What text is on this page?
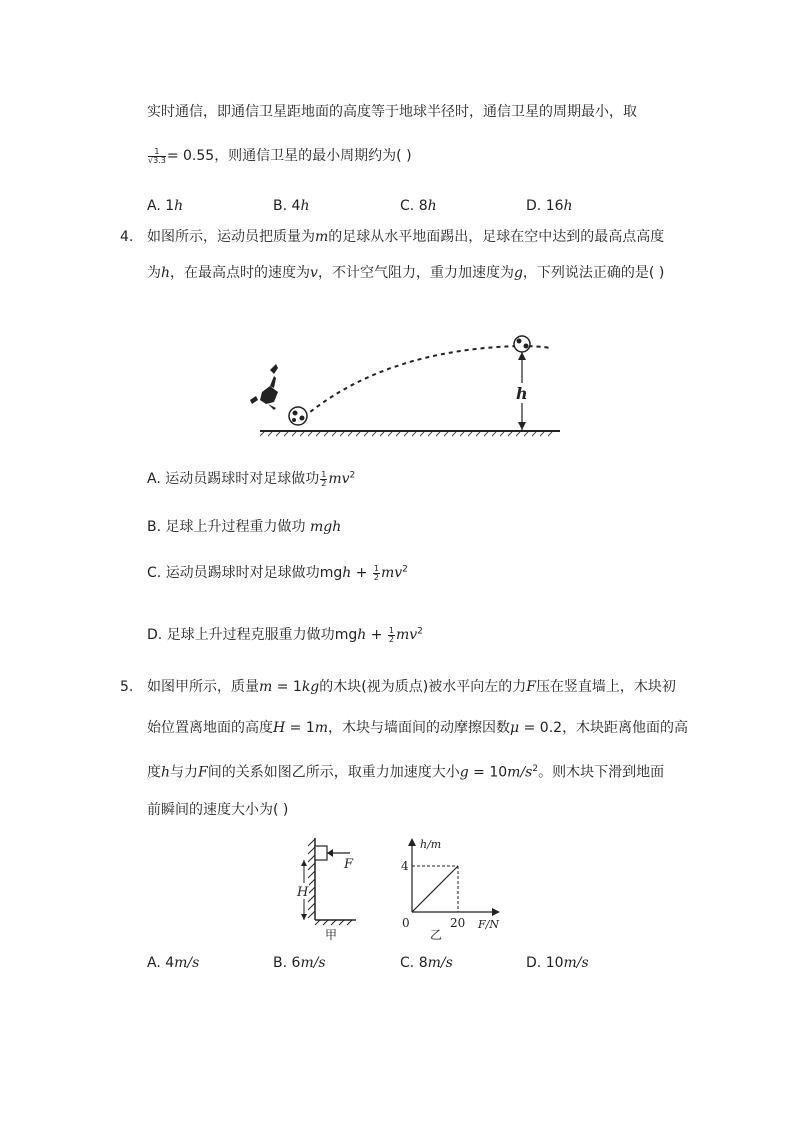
实时通信，即通信卫星距地面的高度等于地球半径时，通信卫星的周期最小，取
$\frac{1}{√3.3} = 0.55$，则通信卫星的最小周期约为( )
A. 1h	B. 4h	C. 8h	D. 16h
4. 如图所示，运动员把质量为m的足球从水平地面踢出，足球在空中达到的最高点高度
为h，在最高点时的速度为v，不计空气阻力，重力加速度为g，下列说法正确的是( )
h
A. 运动员踢球时对足球做功 $\frac{1}{2} mv^2$
B. 足球上升过程重力做功 mgh
C. 运动员踢球时对足球做功mgh + $\frac{1}{2} mv^2$
D. 足球上升过程克服重力做功mgh + $\frac{1}{2} mv^2$
5. 如图甲所示，质量m = 1kg的木块(视为质点)被水平向左的力F压在竖直墙上，木块初
始位置离地面的高度H = 1m，木块与墙面间的动摩擦因数μ = 0.2，木块距离他面的高
度h与力F间的关系如图乙所示，取重力加速度大小$g = 10m/s^2$。则木块下滑到地面
前瞬间的速度大小为( )
F
H
甲
h/m
F/N
4
20
0
乙
A. 4m/s	B. 6m/s	C. 8m/s	D. 10m/s
